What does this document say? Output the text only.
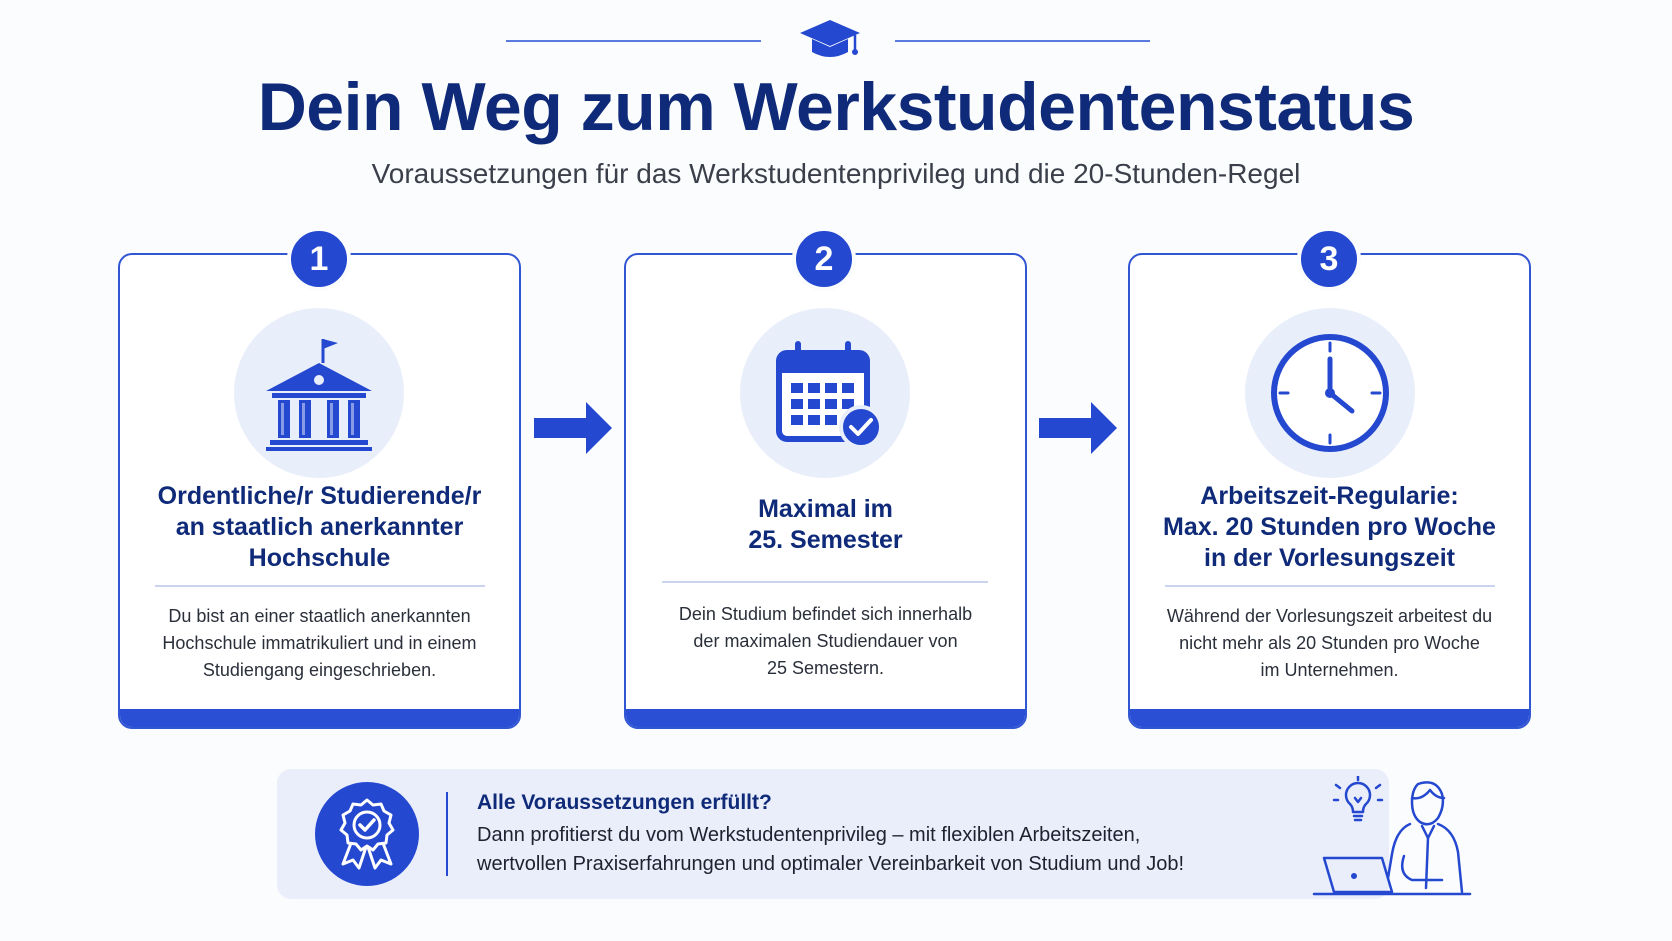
Dein Weg zum Werkstudentenstatus
Voraussetzungen für das Werkstudentenprivileg und die 20-Stunden-Regel
1	2	3
Ordentliche/r Studierende/r
an staatlich anerkannter
Hochschule
Maximal im
25. Semester
Arbeitszeit-Regularie:
Max. 20 Stunden pro Woche
in der Vorlesungszeit
Du bist an einer staatlich anerkannten
Hochschule immatrikuliert und in einem
Studiengang eingeschrieben.
Dein Studium befindet sich innerhalb
der maximalen Studiendauer von
25 Semestern.
Während der Vorlesungszeit arbeitest du
nicht mehr als 20 Stunden pro Woche
im Unternehmen.
Alle Voraussetzungen erfüllt?
Dann profitierst du vom Werkstudentenprivileg – mit flexiblen Arbeitszeiten,
wertvollen Praxiserfahrungen und optimaler Vereinbarkeit von Studium und Job!
